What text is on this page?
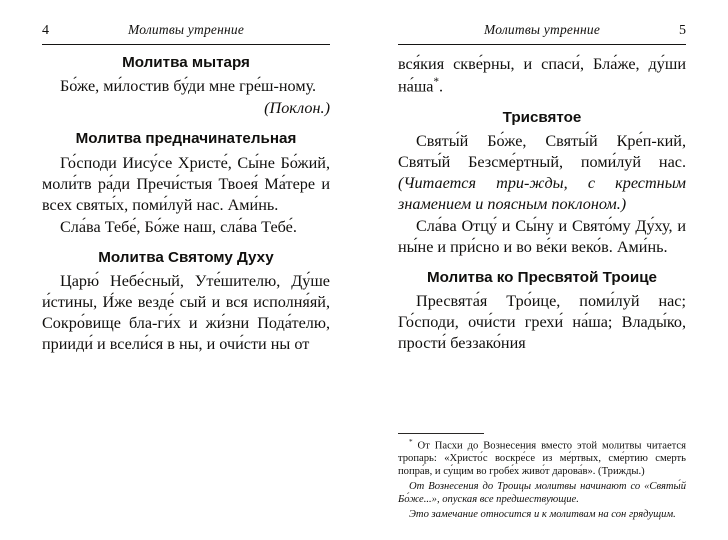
4	Молитвы утренние
Молитва мытаря

Бо́же, ми́лостив бу́ди мне гре́ш-ному.

(Поклон.)

Молитва предначинательная

Го́споди Иису́се Христе́, Сы́не Бо́жий, моли́тв ра́ди Пречи́стыя Твоея́ Ма́тере и всех святы́х, поми́луй нас. Ами́нь.

Сла́ва Тебе́, Бо́же наш, сла́ва Тебе́.

Молитва Святому Духу

Царю́ Небе́сный, Уте́шителю, Ду́ше и́стины, И́же везде́ сый и вся исполня́яй, Сокро́вище бла-ги́х и жи́зни Пода́телю, прииди́ и всели́ся в ны, и очи́сти ны от

Молитвы утренние	5

вся́кия скве́рны, и спаси́, Бла́же, ду́ши на́ша*.

Трисвятое

Святы́й Бо́же, Святы́й Кре́п-кий, Святы́й Безсме́ртный, поми́луй нас. (Читается три-жды, с крестным знамением и поясным поклоном.)

Сла́ва Отцу́ и Сы́ну и Свято́му Ду́ху, и ны́не и при́сно и во ве́ки веко́в. Ами́нь.

Молитва ко Пресвятой Троице

Пресвята́я Тро́ице, поми́луй нас; Го́споди, очи́сти грехи́ на́ша; Влады́ко, прости́ беззако́ния

* От Пасхи до Вознесения вместо этой молитвы читается тропарь: «Христо́с воскре́се из ме́ртвых, сме́ртию смерть попра́в, и су́щим во гробе́х живо́т дарова́в». (Трижды.)

От Вознесения до Троицы молитвы начинают со «Святы́й Бо́же...», опуская все предшествующие.

Это замечание относится и к молитвам на сон грядущим.
